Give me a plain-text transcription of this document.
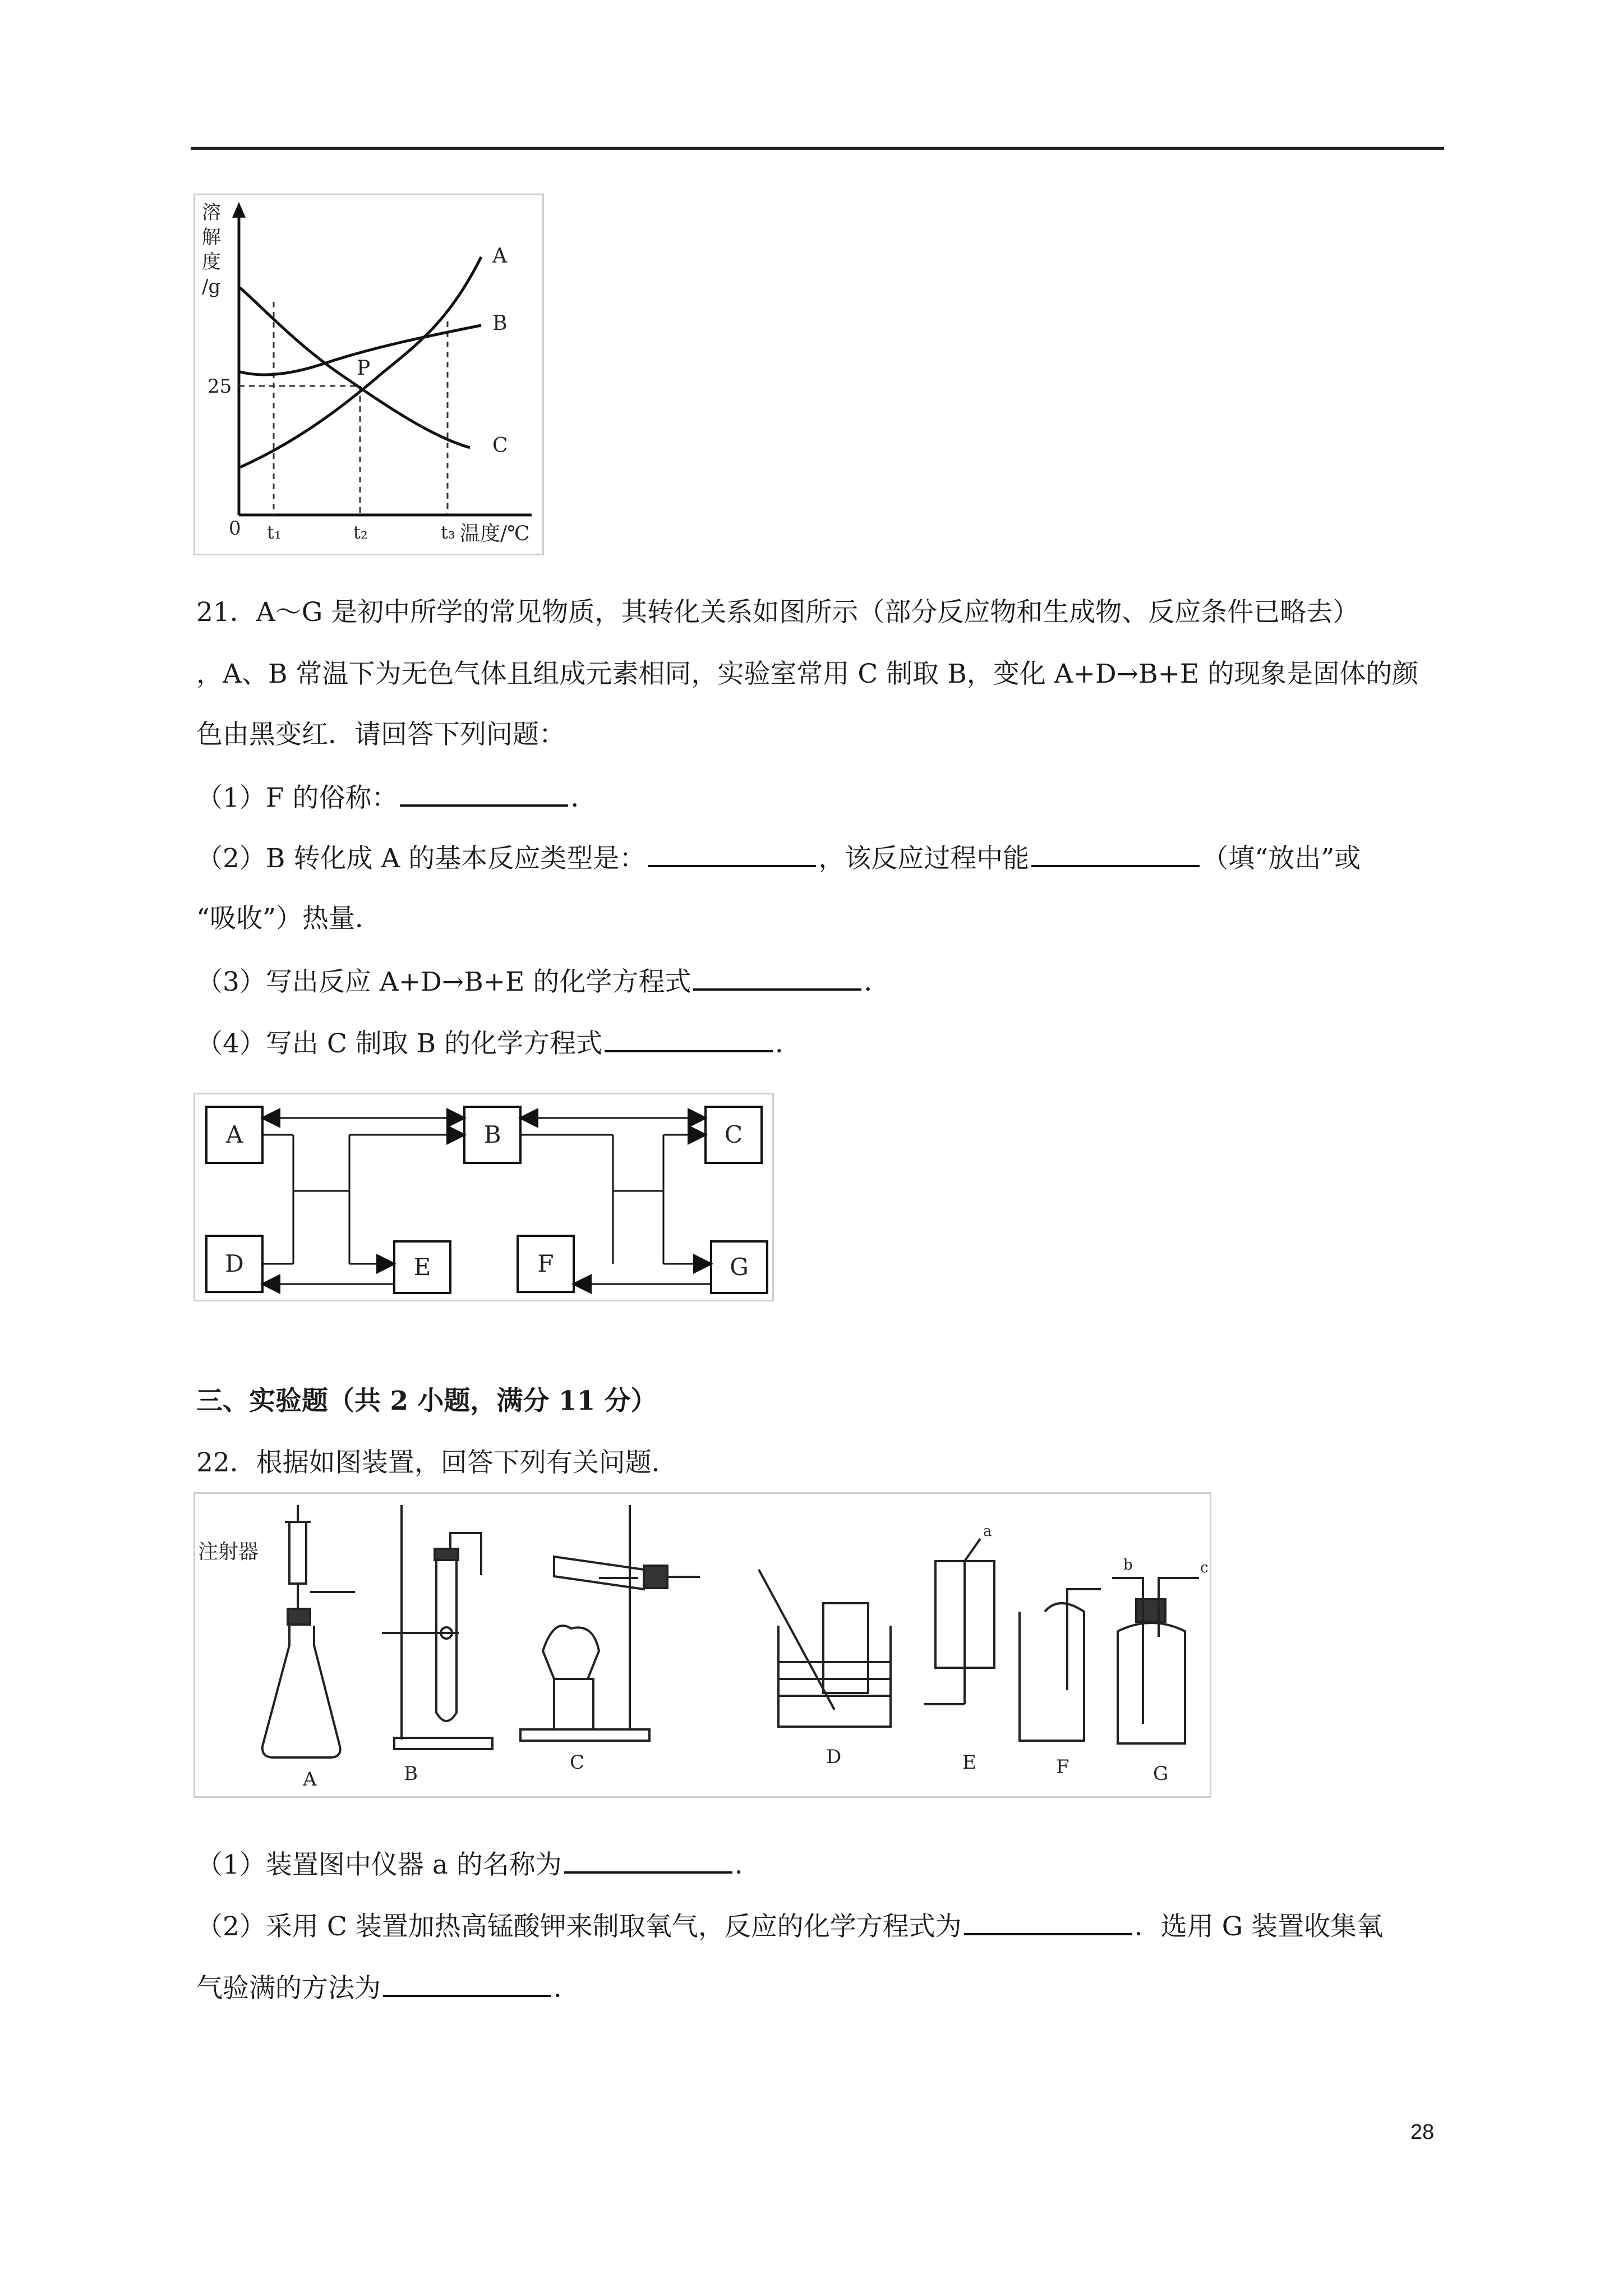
溶
解
度
/g
A
B
C
P
25
0 t₁	t₂	t₃ 温度/℃
21．A～G 是初中所学的常见物质，其转化关系如图所示（部分反应物和生成物、反应条件已略去）
，A、B 常温下为无色气体且组成元素相同，实验室常用 C 制取 B，变化 A+D→B+E 的现象是固体的颜
色由黑变红．请回答下列问题：
（1）F 的俗称：	．
（2）B 转化成 A 的基本反应类型是：	，该反应过程中能	（填“放出”或
“吸收”）热量．
（3）写出反应 A+D→B+E 的化学方程式	．
（4）写出 C 制取 B 的化学方程式	．
A	B	C
D	E	F	G
三、实验题（共 2 小题，满分 11 分）
22．根据如图装置，回答下列有关问题．
注射器
A	B	C	D	E	F	G
a
b	c
（1）装置图中仪器 a 的名称为	．
（2）采用 C 装置加热高锰酸钾来制取氧气，反应的化学方程式为	．选用 G 装置收集氧
气验满的方法为	．
28
